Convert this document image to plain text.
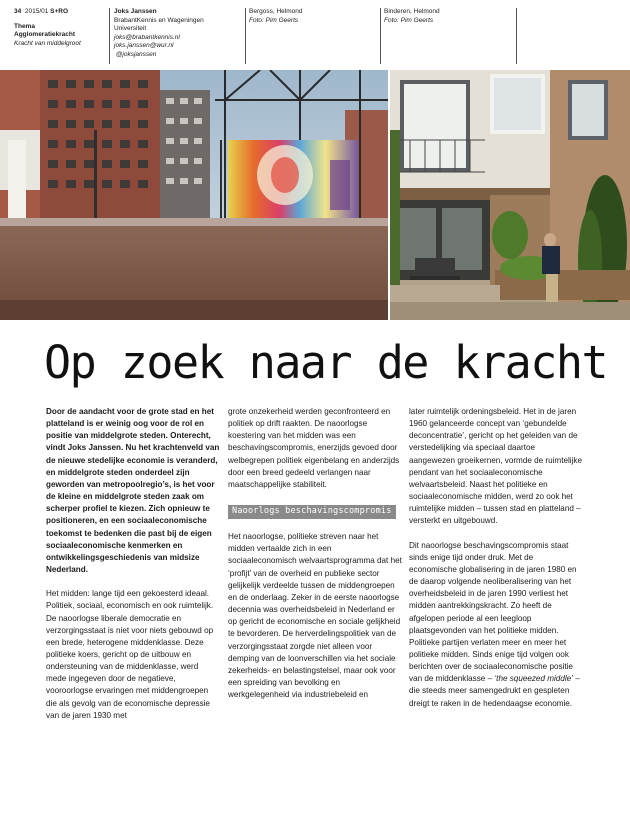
34 2015/01 S+RO
Thema
Agglomeratiekracht
Kracht van middelgroot
Joks Janssen
BrabantKennis en Wageningen
Universiteit
joks@brabantkennis.nl
joks.janssen@wur.nl
@joksjanssen
Bergoss, Helmond
Foto: Pim Geerts
Binderen, Helmond
Foto: Pim Geerts
Op zoek naar de kracht

Door de aandacht voor de grote stad en het platteland is er weinig oog voor de rol en positie van middelgrote steden. Onterecht, vindt Joks Janssen. Nu het krachtenveld van de nieuwe stedelijke economie is veranderd, en middelgrote steden onderdeel zijn geworden van metropoolregio’s, is het voor de kleine en middelgrote steden zaak om scherper profiel te kiezen. Zich opnieuw te positioneren, en een sociaaleconomische toekomst te bedenken die past bij de eigen sociaaleconomische kenmerken en ontwikkelingsgeschiedenis van midsize Nederland.

Het midden: lange tijd een gekoesterd ideaal. Politiek, sociaal, economisch en ook ruimtelijk. De naoorlogse liberale democratie en verzorgingsstaat is niet voor niets gebouwd op een brede, heterogene middenklasse. Deze politieke koers, gericht op de uitbouw en ondersteuning van de middenklasse, werd mede ingegeven door de negatieve, vooroorlogse ervaringen met middengroepen die als gevolg van de economische depressie van de jaren 1930 met

grote onzekerheid werden geconfronteerd en politiek op drift raakten. De naoorlogse koestering van het midden was een beschavingscompromis, enerzijds gevoed door welbegrepen politiek eigenbelang en anderzijds door een breed gedeeld verlangen naar maatschappelijke stabiliteit.

Naoorlogs beschavingscompromis

Het naoorlogse, politieke streven naar het midden vertaalde zich in een sociaaleconomisch welvaartsprogramma dat het ‘profijt’ van de overheid en publieke sector gelijkelijk verdeelde tussen de middengroepen en de onderlaag. Zeker in de eerste naoorlogse decennia was overheidsbeleid in Nederland er op gericht de economische en sociale gelijkheid te bevorderen. De herverdelingspolitiek van de verzorgingsstaat zorgde niet alleen voor demping van de loonverschillen via het sociale zekerheids- en belastingstelsel, maar ook voor een spreiding van bevolking en werkgelegenheid via industriebeleid en

later ruimtelijk ordeningsbeleid. Het in de jaren 1960 gelanceerde concept van ‘gebundelde deconcentratie’, gericht op het geleiden van de verstedelijking via speciaal daartoe aangewezen groeikernen, vormde de ruimtelijke pendant van het sociaaleconomische welvaartsbeleid. Naast het politieke en sociaaleconomische midden, werd zo ook het ruimtelijke midden – tussen stad en platteland – versterkt en uitgebouwd.

Dit naoorlogse beschavingscompromis staat sinds enige tijd onder druk. Met de economische globalisering in de jaren 1980 en de daarop volgende neoliberalisering van het overheidsbeleid in de jaren 1990 verliest het midden aantrekkingskracht. Zo heeft de afgelopen periode al een leegloop plaatsgevonden van het politieke midden. Politieke partijen verlaten meer en meer het politieke midden. Sinds enige tijd volgen ook berichten over de sociaaleconomische positie van de middenklasse – ‘the squeezed middle’ – die steeds meer samengedrukt en gespleten dreigt te raken in de hedendaagse economie.
